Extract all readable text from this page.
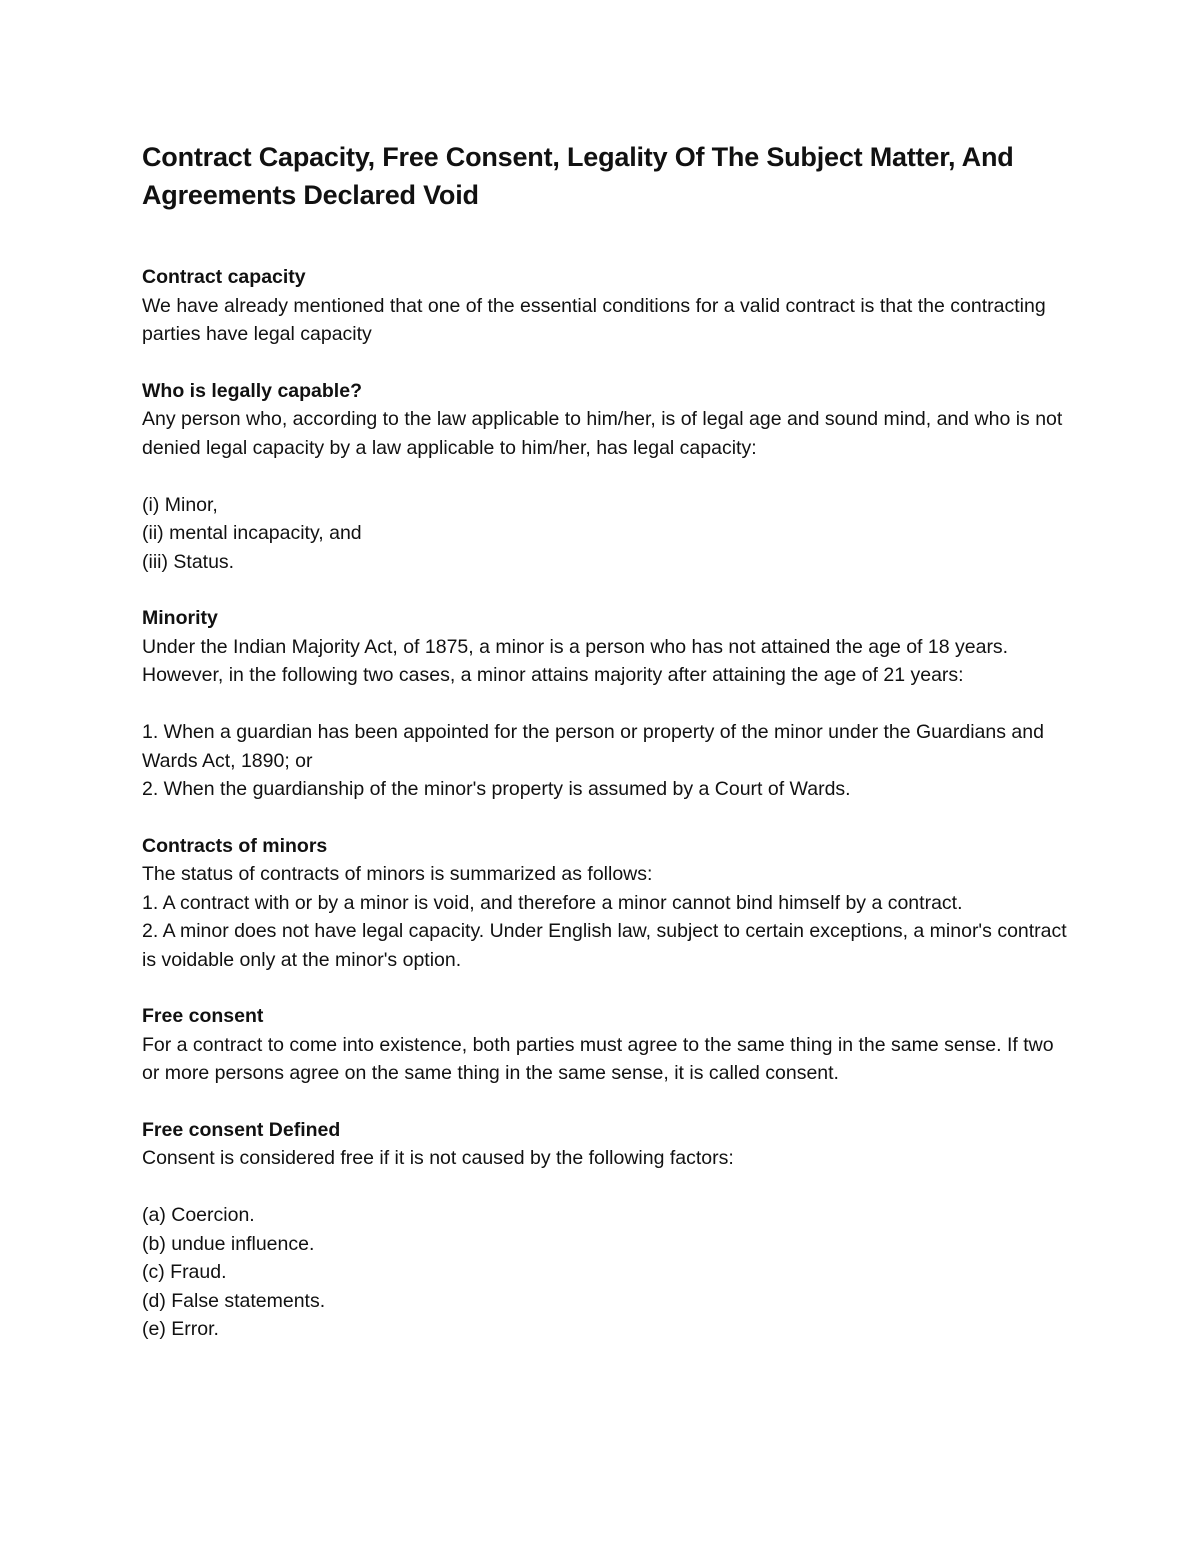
Contract Capacity, Free Consent, Legality Of The Subject Matter, And Agreements Declared Void
Contract capacity

We have already mentioned that one of the essential conditions for a valid contract is that the contracting parties have legal capacity

Who is legally capable?

Any person who, according to the law applicable to him/her, is of legal age and sound mind, and who is not denied legal capacity by a law applicable to him/her, has legal capacity:

(i) Minor,
(ii) mental incapacity, and
(iii) Status.
Minority

Under the Indian Majority Act, of 1875, a minor is a person who has not attained the age of 18 years. However, in the following two cases, a minor attains majority after attaining the age of 21 years:

1. When a guardian has been appointed for the person or property of the minor under the Guardians and Wards Act, 1890; or
2. When the guardianship of the minor's property is assumed by a Court of Wards.
Contracts of minors

The status of contracts of minors is summarized as follows:

1. A contract with or by a minor is void, and therefore a minor cannot bind himself by a contract.
2. A minor does not have legal capacity. Under English law, subject to certain exceptions, a minor's contract is voidable only at the minor's option.
Free consent

For a contract to come into existence, both parties must agree to the same thing in the same sense. If two or more persons agree on the same thing in the same sense, it is called consent.

Free consent Defined

Consent is considered free if it is not caused by the following factors:

(a) Coercion.
(b) undue influence.
(c) Fraud.
(d) False statements.
(e) Error.
